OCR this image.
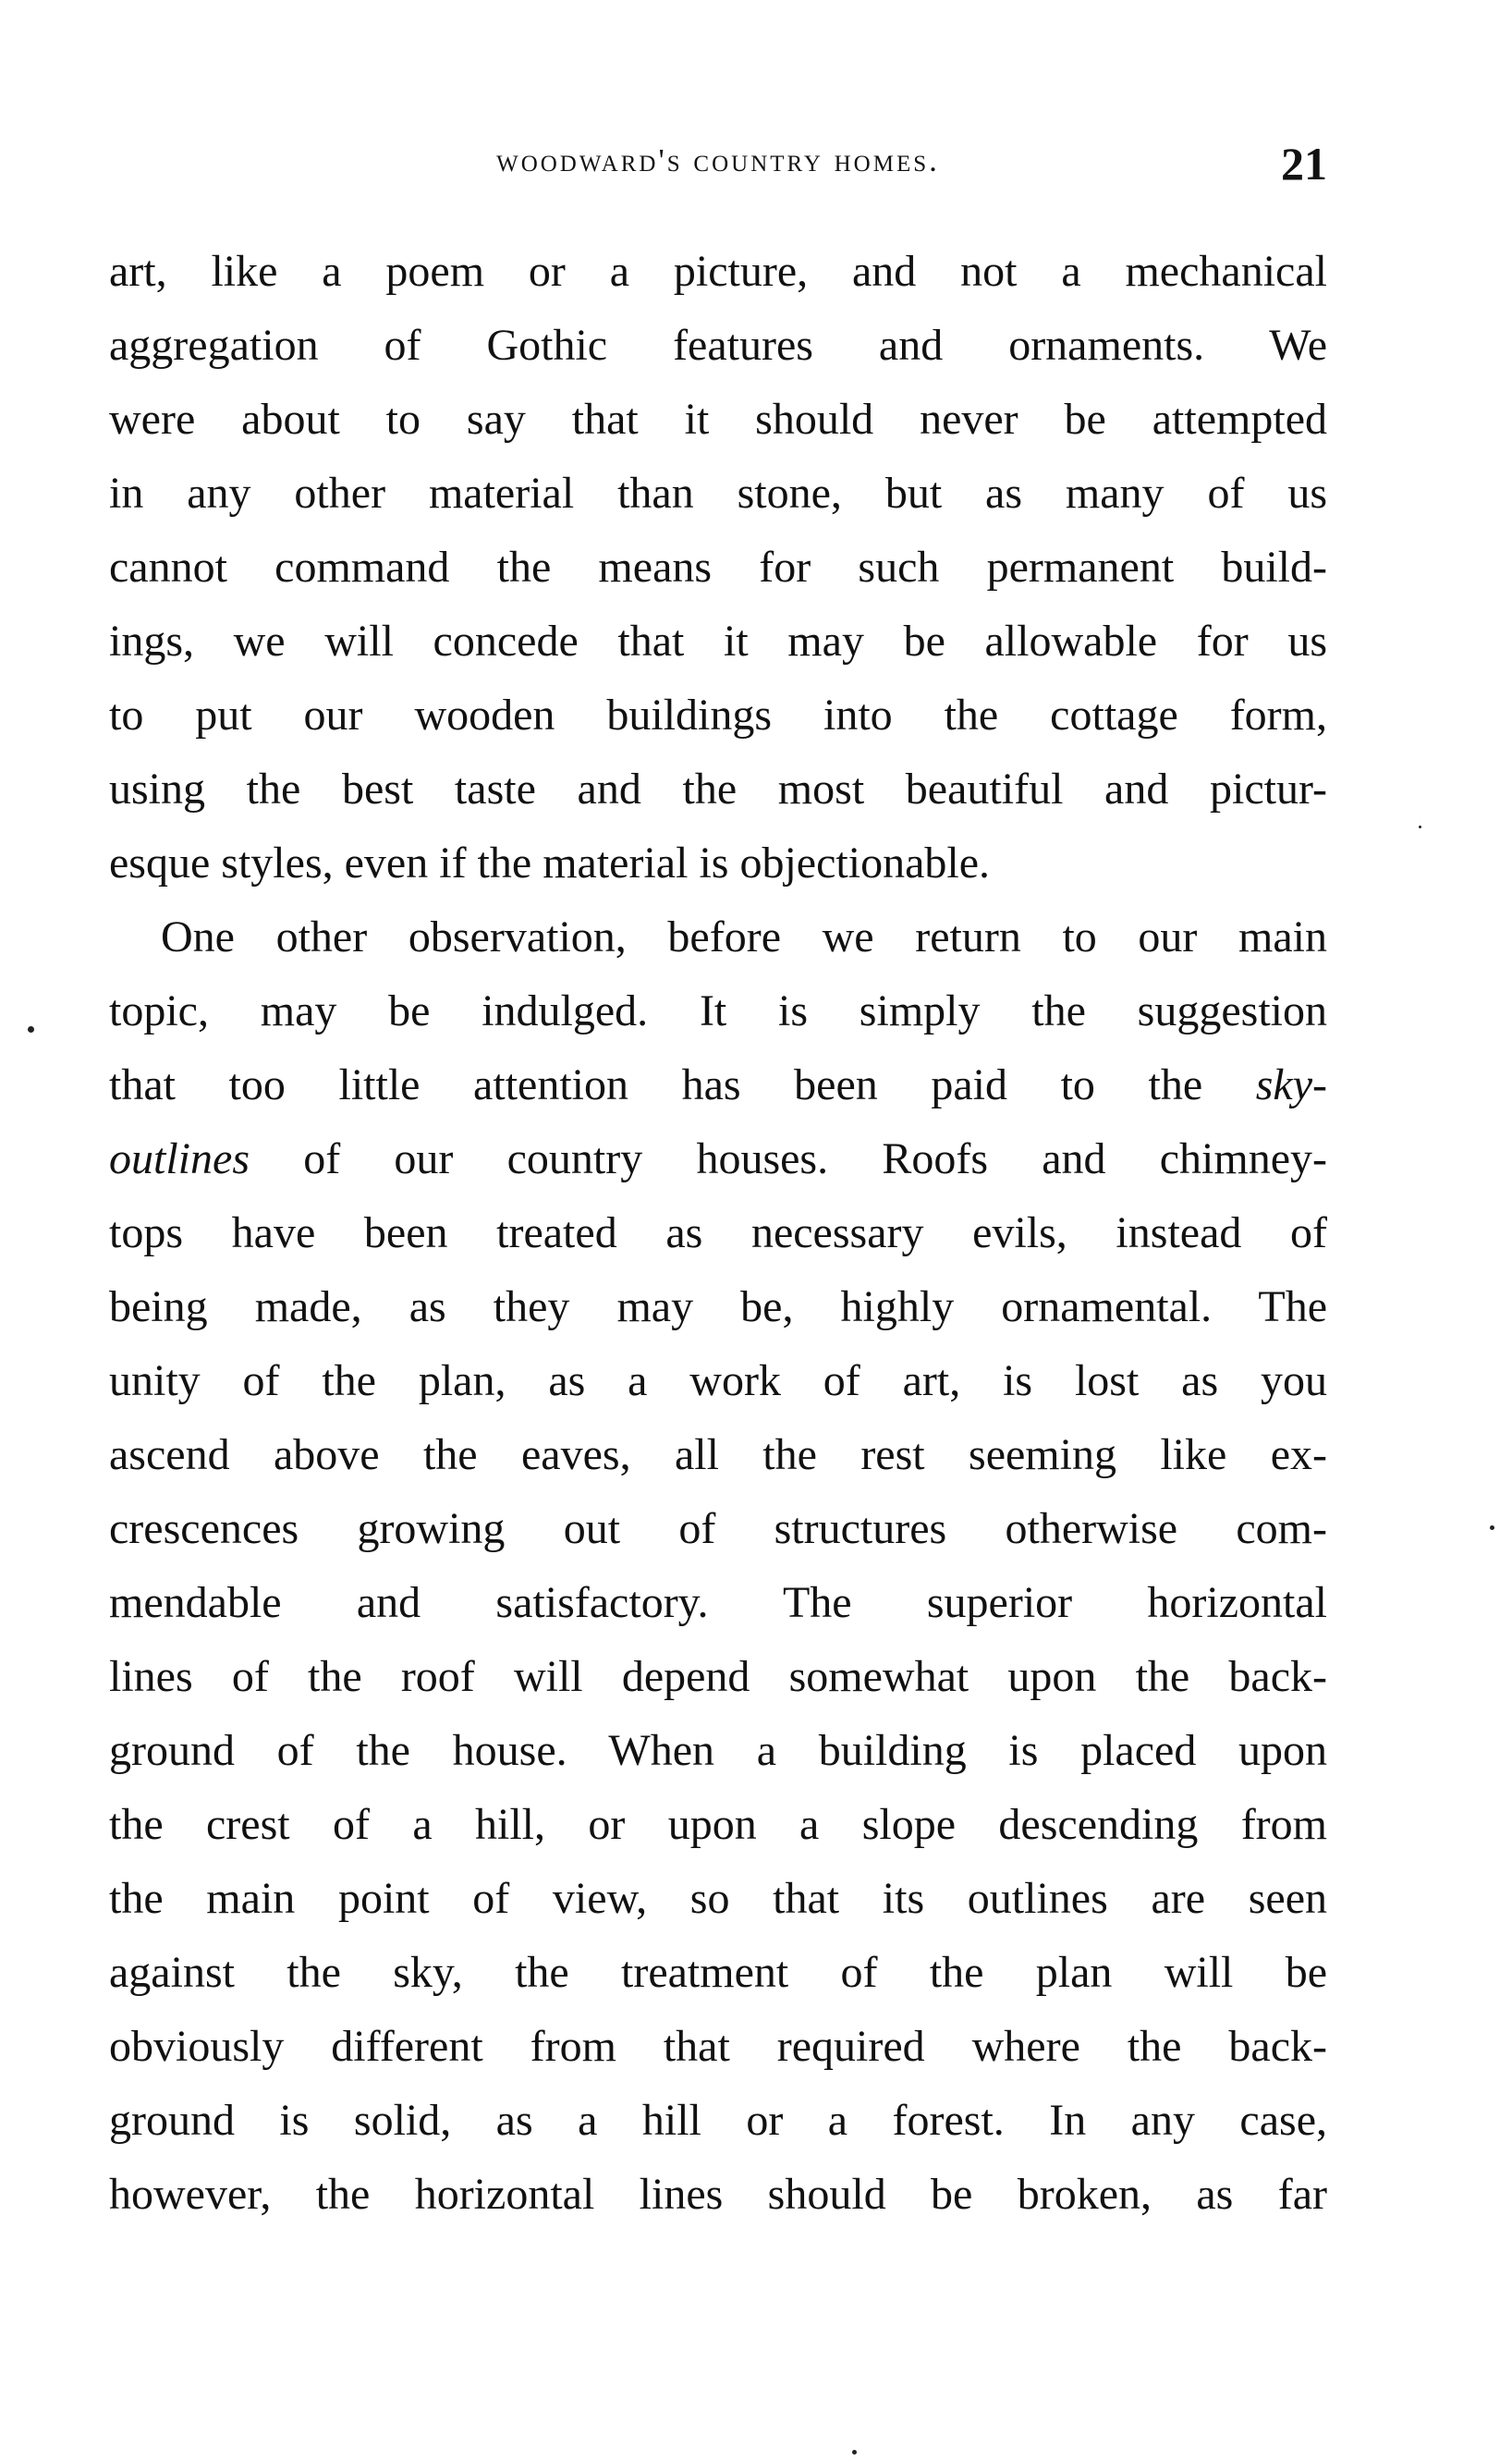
woodward's country homes.	21
art, like a poem or a picture, and not a mechanical
aggregation of Gothic features and ornaments. We
were about to say that it should never be attempted
in any other material than stone, but as many of us
cannot command the means for such permanent build-
ings, we will concede that it may be allowable for us
to put our wooden buildings into the cottage form,
using the best taste and the most beautiful and pictur-
esque styles, even if the material is objectionable.
One other observation, before we return to our main
topic, may be indulged. It is simply the suggestion
that too little attention has been paid to the sky-
outlines of our country houses. Roofs and chimney-
tops have been treated as necessary evils, instead of
being made, as they may be, highly ornamental. The
unity of the plan, as a work of art, is lost as you
ascend above the eaves, all the rest seeming like ex-
crescences growing out of structures otherwise com-
mendable and satisfactory. The superior horizontal
lines of the roof will depend somewhat upon the back-
ground of the house. When a building is placed upon
the crest of a hill, or upon a slope descending from
the main point of view, so that its outlines are seen
against the sky, the treatment of the plan will be
obviously different from that required where the back-
ground is solid, as a hill or a forest. In any case,
however, the horizontal lines should be broken, as far
